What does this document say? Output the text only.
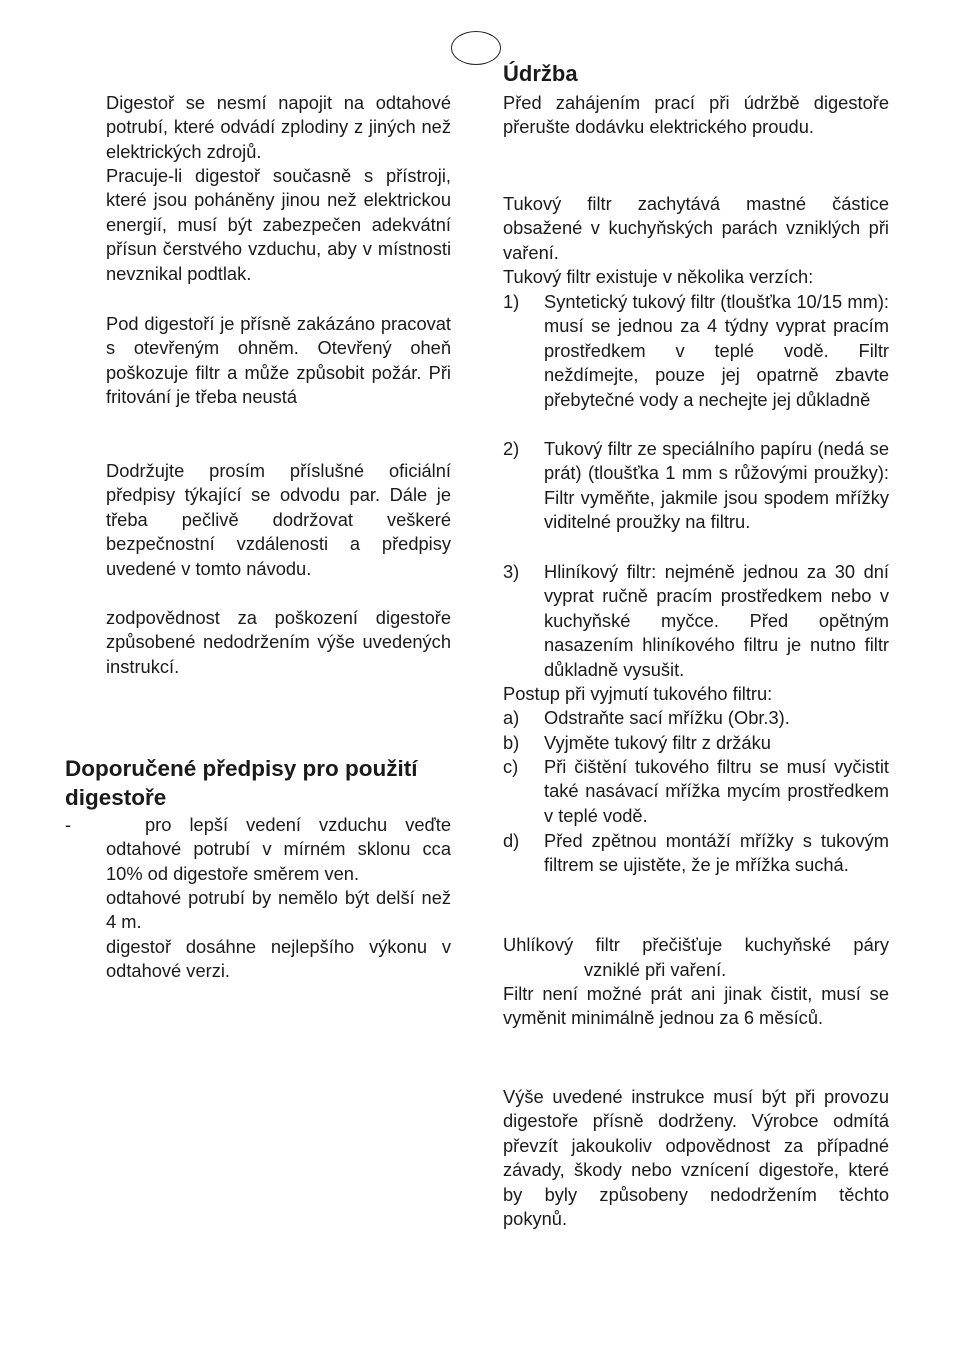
Digestoř se nesmí napojit na odtahové potrubí, které odvádí zplodiny z jiných než elektrických zdrojů.

Pracuje-li digestoř současně s přístroji, které jsou poháněny jinou než elektrickou energií, musí být zabezpečen adekvátní přísun čerstvého vzduchu, aby v místnosti nevznikal podtlak.

Pod digestoří je přísně zakázáno pracovat s otevřeným ohněm. Otevřený oheň poškozuje filtr a může způsobit požár. Při fritování je třeba neustá

Dodržujte prosím příslušné oficiální předpisy týkající se odvodu par. Dále je třeba pečlivě dodržovat veškeré bezpečnostní vzdálenosti a předpisy uvedené v tomto návodu.

zodpovědnost za poškození digestoře způsobené nedodržením výše uvedených instrukcí.

Doporučené předpisy pro použití digestoře
-	pro lepší vedení vzduchu veďte odtahové potrubí v mírném sklonu cca 10% od digestoře směrem ven.

odtahové potrubí by nemělo být delší než 4 m.

digestoř dosáhne nejlepšího výkonu v odtahové verzi.

Údržba

Před zahájením prací při údržbě digestoře přerušte dodávku elektrického proudu.

Tukový filtr zachytává mastné částice obsažené v kuchyňských parách vzniklých při vaření.

Tukový filtr existuje v několika verzích:

1) Syntetický tukový filtr (tloušťka 10/15 mm): musí se jednou za 4 týdny vyprat pracím prostředkem v teplé vodě. Filtr neždímejte, pouze jej opatrně zbavte přebytečné vody a nechejte jej důkladně

2) Tukový filtr ze speciálního papíru (nedá se prát) (tloušťka 1 mm s růžovými proužky): Filtr vyměňte, jakmile jsou spodem mřížky viditelné proužky na filtru.

3) Hliníkový filtr: nejméně jednou za 30 dní vyprat ručně pracím prostředkem nebo v kuchyňské myčce. Před opětným nasazením hliníkového filtru je nutno filtr důkladně vysušit.

Postup při vyjmutí tukového filtru:

a) Odstraňte sací mřížku (Obr.3).

b) Vyjměte tukový filtr z držáku

c) Při čištění tukového filtru se musí vyčistit také nasávací mřížka mycím prostředkem v teplé vodě.

d) Před zpětnou montáží mřížky s tukovým filtrem se ujistěte, že je mřížka suchá.

Uhlíkový filtr přečišťuje kuchyňské páry

vzniklé při vaření.

Filtr není možné prát ani jinak čistit, musí se vyměnit minimálně jednou za 6 měsíců.

Výše uvedené instrukce musí být při provozu digestoře přísně dodrženy. Výrobce odmítá převzít jakoukoliv odpovědnost za případné závady, škody nebo vznícení digestoře, které by byly způsobeny nedodržením těchto pokynů.
